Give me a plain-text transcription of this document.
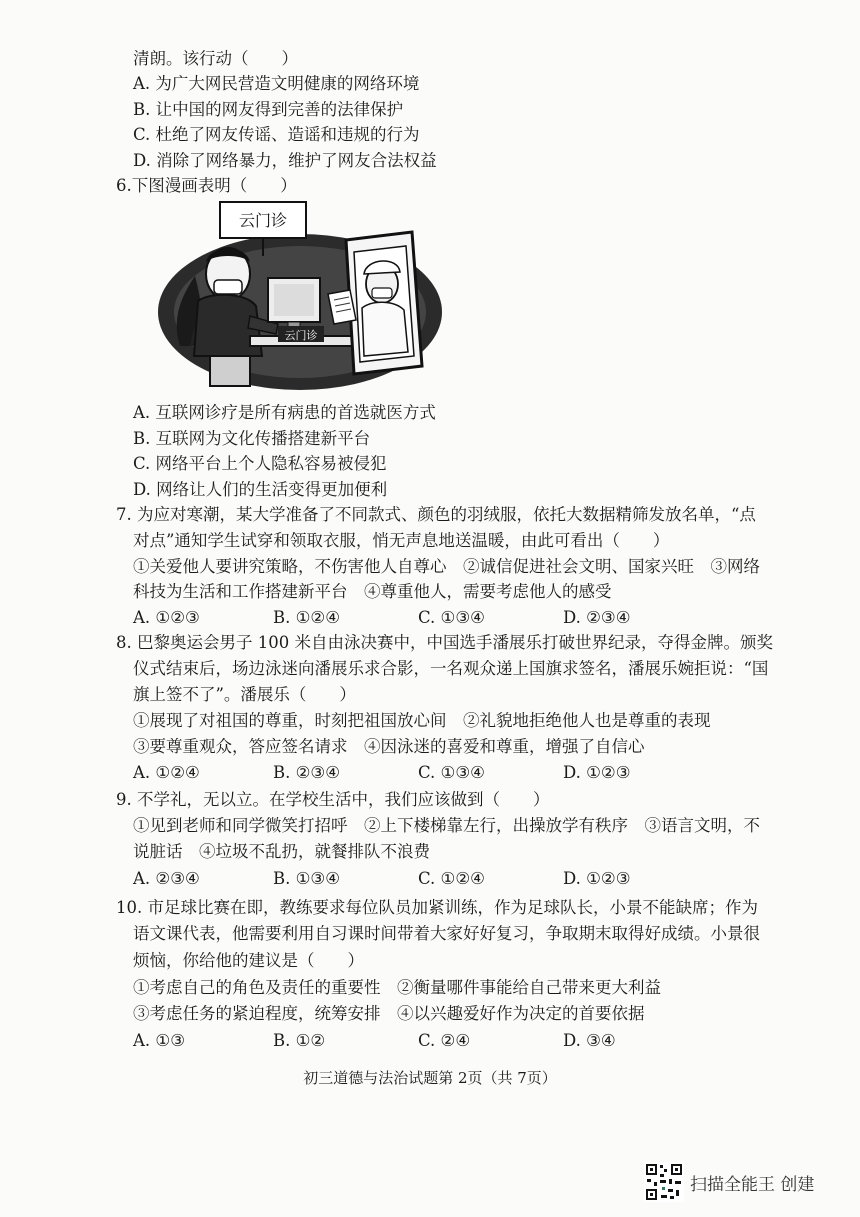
清朗。该行动（　　）
A. 为广大网民营造文明健康的网络环境
B. 让中国的网友得到完善的法律保护
C. 杜绝了网友传谣、造谣和违规的行为
D. 消除了网络暴力，维护了网友合法权益
6.下图漫画表明（　　）
云门诊
云门诊
A. 互联网诊疗是所有病患的首选就医方式
B. 互联网为文化传播搭建新平台
C. 网络平台上个人隐私容易被侵犯
D. 网络让人们的生活变得更加便利
7. 为应对寒潮，某大学准备了不同款式、颜色的羽绒服，依托大数据精筛发放名单，“点
对点”通知学生试穿和领取衣服，悄无声息地送温暖，由此可看出（　　）
①关爱他人要讲究策略，不伤害他人自尊心　②诚信促进社会文明、国家兴旺　③网络
科技为生活和工作搭建新平台　④尊重他人，需要考虑他人的感受
A. ①②③	B. ①②④	C. ①③④	D. ②③④
8. 巴黎奥运会男子 100 米自由泳决赛中，中国选手潘展乐打破世界纪录，夺得金牌。颁奖
仪式结束后，场边泳迷向潘展乐求合影，一名观众递上国旗求签名，潘展乐婉拒说：“国
旗上签不了”。潘展乐（　　）
①展现了对祖国的尊重，时刻把祖国放心间　②礼貌地拒绝他人也是尊重的表现
③要尊重观众，答应签名请求　④因泳迷的喜爱和尊重，增强了自信心
A. ①②④	B. ②③④	C. ①③④	D. ①②③
9. 不学礼，无以立。在学校生活中，我们应该做到（　　）
①见到老师和同学微笑打招呼　②上下楼梯靠左行，出操放学有秩序　③语言文明，不
说脏话　④垃圾不乱扔，就餐排队不浪费
A. ②③④	B. ①③④	C. ①②④	D. ①②③
10. 市足球比赛在即，教练要求每位队员加紧训练，作为足球队长，小景不能缺席；作为
语文课代表，他需要利用自习课时间带着大家好好复习，争取期末取得好成绩。小景很
烦恼，你给他的建议是（　　）
①考虑自己的角色及责任的重要性　②衡量哪件事能给自己带来更大利益
③考虑任务的紧迫程度，统筹安排　④以兴趣爱好作为决定的首要依据
A. ①③	B. ①②	C. ②④	D. ③④
初三道德与法治试题第 2页（共 7页）
扫描全能王 创建
